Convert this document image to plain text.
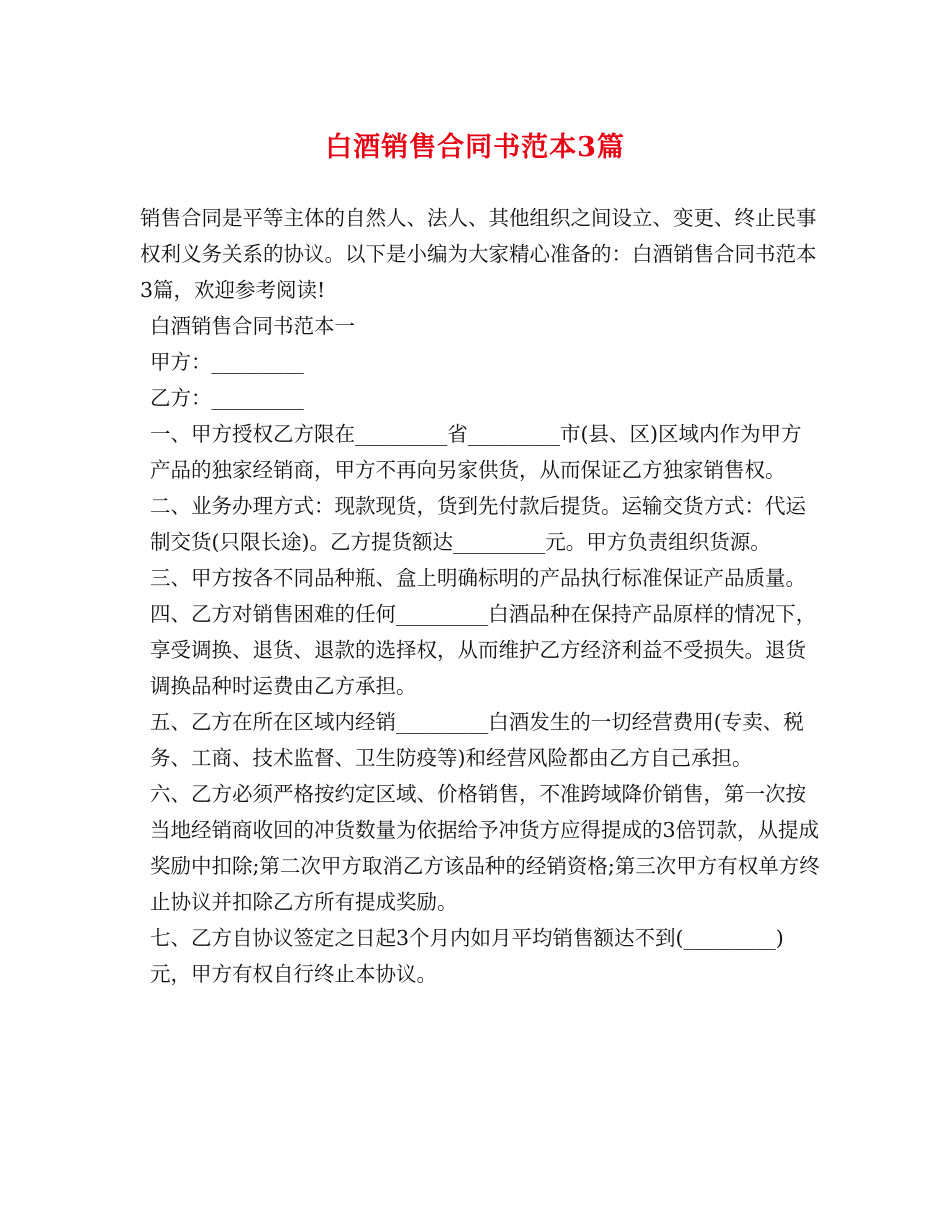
白酒销售合同书范本3篇

销售合同是平等主体的自然人、法人、其他组织之间设立、变更、终止民事权利义务关系的协议。以下是小编为大家精心准备的：白酒销售合同书范本3篇，欢迎参考阅读!

白酒销售合同书范本一

甲方：_________

乙方：_________

一、甲方授权乙方限在_________省_________市(县、区)区域内作为甲方产品的独家经销商，甲方不再向另家供货，从而保证乙方独家销售权。

二、业务办理方式：现款现货，货到先付款后提货。运输交货方式：代运制交货(只限长途)。乙方提货额达_________元。甲方负责组织货源。

三、甲方按各不同品种瓶、盒上明确标明的产品执行标准保证产品质量。

四、乙方对销售困难的任何_________白酒品种在保持产品原样的情况下，享受调换、退货、退款的选择权，从而维护乙方经济利益不受损失。退货调换品种时运费由乙方承担。

五、乙方在所在区域内经销_________白酒发生的一切经营费用(专卖、税务、工商、技术监督、卫生防疫等)和经营风险都由乙方自己承担。

六、乙方必须严格按约定区域、价格销售，不准跨域降价销售，第一次按当地经销商收回的冲货数量为依据给予冲货方应得提成的3倍罚款，从提成奖励中扣除;第二次甲方取消乙方该品种的经销资格;第三次甲方有权单方终止协议并扣除乙方所有提成奖励。

七、乙方自协议签定之日起3个月内如月平均销售额达不到(_________)元，甲方有权自行终止本协议。
